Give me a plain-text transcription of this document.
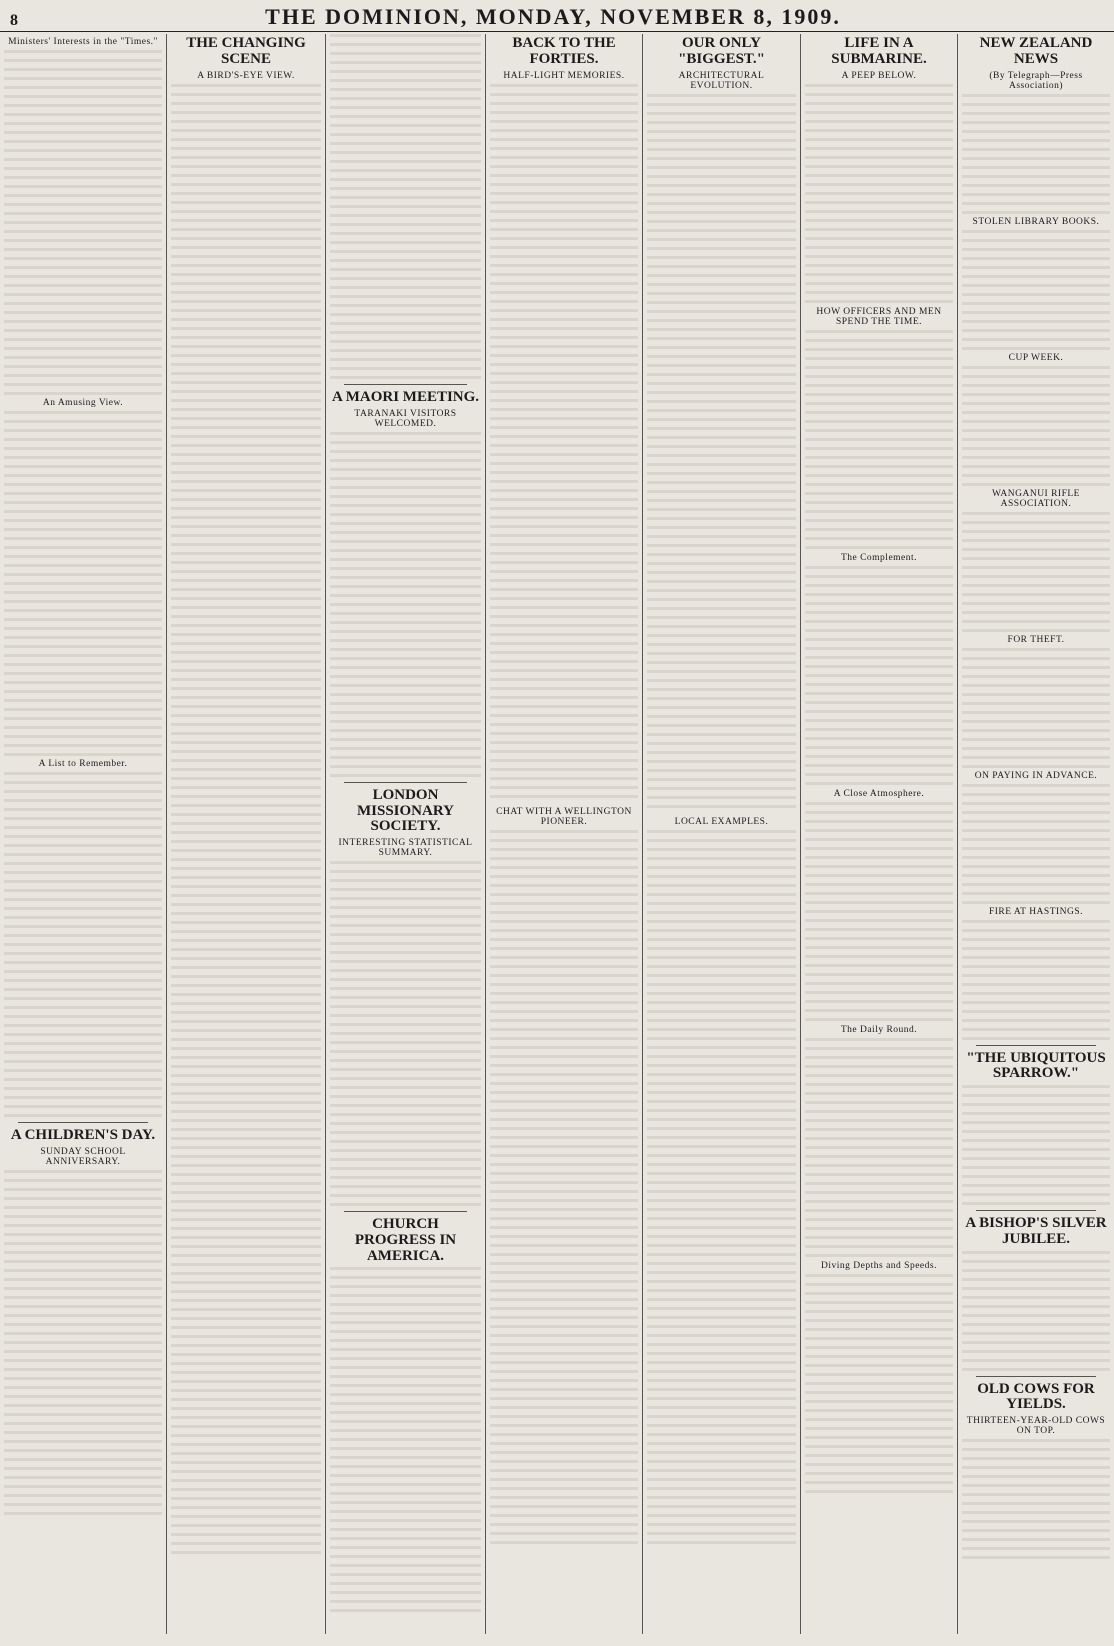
8	THE DOMINION, MONDAY, NOVEMBER 8, 1909.
Ministers' Interests in the "Times."
An Amusing View.
A List to Remember.
A CHILDREN'S DAY.
SUNDAY SCHOOL ANNIVERSARY.
THE CHANGING SCENE
A BIRD'S-EYE VIEW.
A MAORI MEETING.
TARANAKI VISITORS WELCOMED.
LONDON MISSIONARY SOCIETY.
INTERESTING STATISTICAL SUMMARY.
CHURCH PROGRESS IN AMERICA.
BACK TO THE FORTIES.
HALF-LIGHT MEMORIES.
CHAT WITH A WELLINGTON PIONEER.
OUR ONLY "BIGGEST."
ARCHITECTURAL EVOLUTION.
LOCAL EXAMPLES.
LIFE IN A SUBMARINE.
A PEEP BELOW.
HOW OFFICERS AND MEN SPEND THE TIME.
The Complement.
A Close Atmosphere.
The Daily Round.
Diving Depths and Speeds.
NEW ZEALAND NEWS
(By Telegraph—Press Association)
STOLEN LIBRARY BOOKS.
CUP WEEK.
WANGANUI RIFLE ASSOCIATION.
FOR THEFT.
ON PAYING IN ADVANCE.
FIRE AT HASTINGS.
"THE UBIQUITOUS SPARROW."
A BISHOP'S SILVER JUBILEE.
OLD COWS FOR YIELDS.
THIRTEEN-YEAR-OLD COWS ON TOP.
